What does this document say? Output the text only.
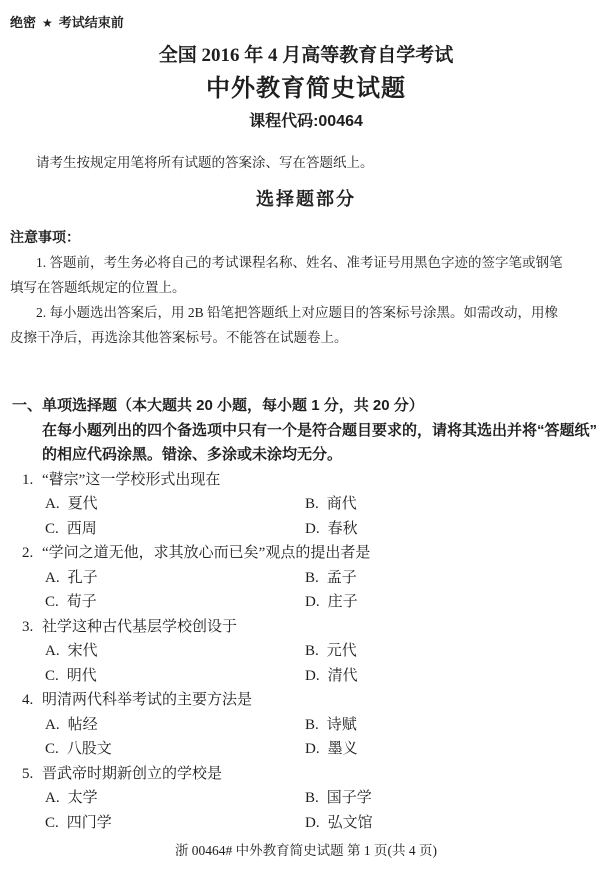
绝密 ★ 考试结束前
全国 2016 年 4 月高等教育自学考试
中外教育简史试题
课程代码:00464
请考生按规定用笔将所有试题的答案涂、写在答题纸上。
选择题部分
注意事项：
1. 答题前，考生务必将自己的考试课程名称、姓名、准考证号用黑色字迹的签字笔或钢笔
填写在答题纸规定的位置上。
2. 每小题选出答案后，用 2B 铅笔把答题纸上对应题目的答案标号涂黑。如需改动，用橡
皮擦干净后，再选涂其他答案标号。不能答在试题卷上。
一、单项选择题（本大题共 20 小题，每小题 1 分，共 20 分）
在每小题列出的四个备选项中只有一个是符合题目要求的，请将其选出并将“答题纸”
的相应代码涂黑。错涂、多涂或未涂均无分。
1. “瞽宗”这一学校形式出现在
A. 夏代	B. 商代
C. 西周	D. 春秋
2. “学问之道无他，求其放心而已矣”观点的提出者是
A. 孔子	B. 孟子
C. 荀子	D. 庄子
3. 社学这种古代基层学校创设于
A. 宋代	B. 元代
C. 明代	D. 清代
4. 明清两代科举考试的主要方法是
A. 帖经	B. 诗赋
C. 八股文	D. 墨义
5. 晋武帝时期新创立的学校是
A. 太学	B. 国子学
C. 四门学	D. 弘文馆
浙 00464# 中外教育简史试题 第 1 页(共 4 页)
